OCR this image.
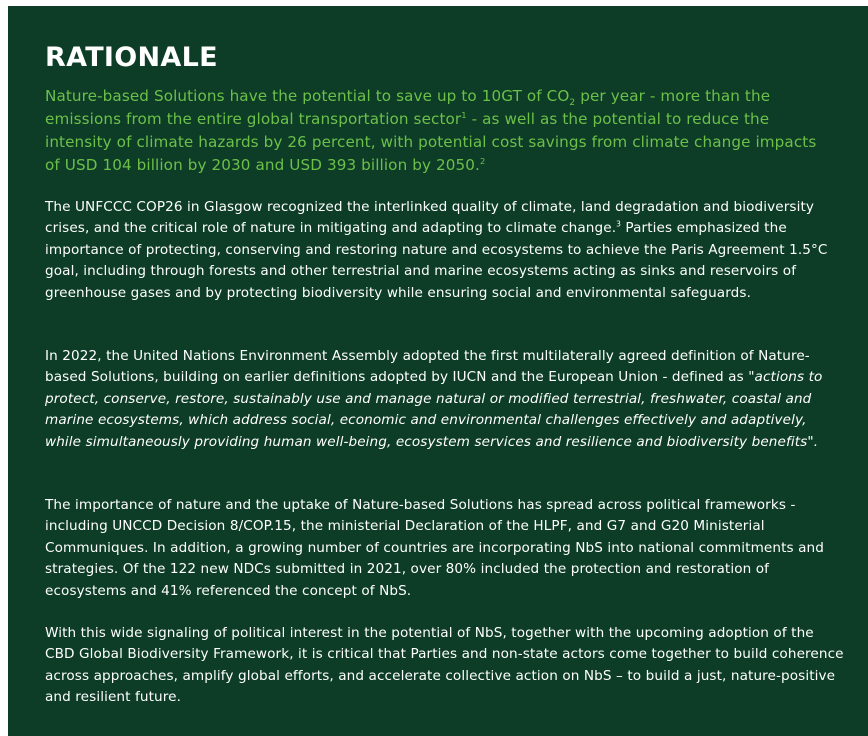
RATIONALE

Nature-based Solutions have the potential to save up to 10GT of $CO_2$ per year - more than the emissions from the entire global transportation sector$^1$ - as well as the potential to reduce the intensity of climate hazards by 26 percent, with potential cost savings from climate change impacts of USD 104 billion by 2030 and USD 393 billion by 2050.$^2$

The UNFCCC COP26 in Glasgow recognized the interlinked quality of climate, land degradation and biodiversity crises, and the critical role of nature in mitigating and adapting to climate change.$^3$ Parties emphasized the importance of protecting, conserving and restoring nature and ecosystems to achieve the Paris Agreement 1.5°C goal, including through forests and other terrestrial and marine ecosystems acting as sinks and reservoirs of greenhouse gases and by protecting biodiversity while ensuring social and environmental safeguards.

In 2022, the United Nations Environment Assembly adopted the first multilaterally agreed definition of Nature-based Solutions, building on earlier definitions adopted by IUCN and the European Union - defined as "actions to protect, conserve, restore, sustainably use and manage natural or modified terrestrial, freshwater, coastal and marine ecosystems, which address social, economic and environmental challenges effectively and adaptively, while simultaneously providing human well-being, ecosystem services and resilience and biodiversity benefits".

The importance of nature and the uptake of Nature-based Solutions has spread across political frameworks - including UNCCD Decision 8/COP.15, the ministerial Declaration of the HLPF, and G7 and G20 Ministerial Communiques. In addition, a growing number of countries are incorporating NbS into national commitments and strategies. Of the 122 new NDCs submitted in 2021, over 80% included the protection and restoration of ecosystems and 41% referenced the concept of NbS.

With this wide signaling of political interest in the potential of NbS, together with the upcoming adoption of the CBD Global Biodiversity Framework, it is critical that Parties and non-state actors come together to build coherence across approaches, amplify global efforts, and accelerate collective action on NbS – to build a just, nature-positive and resilient future.
